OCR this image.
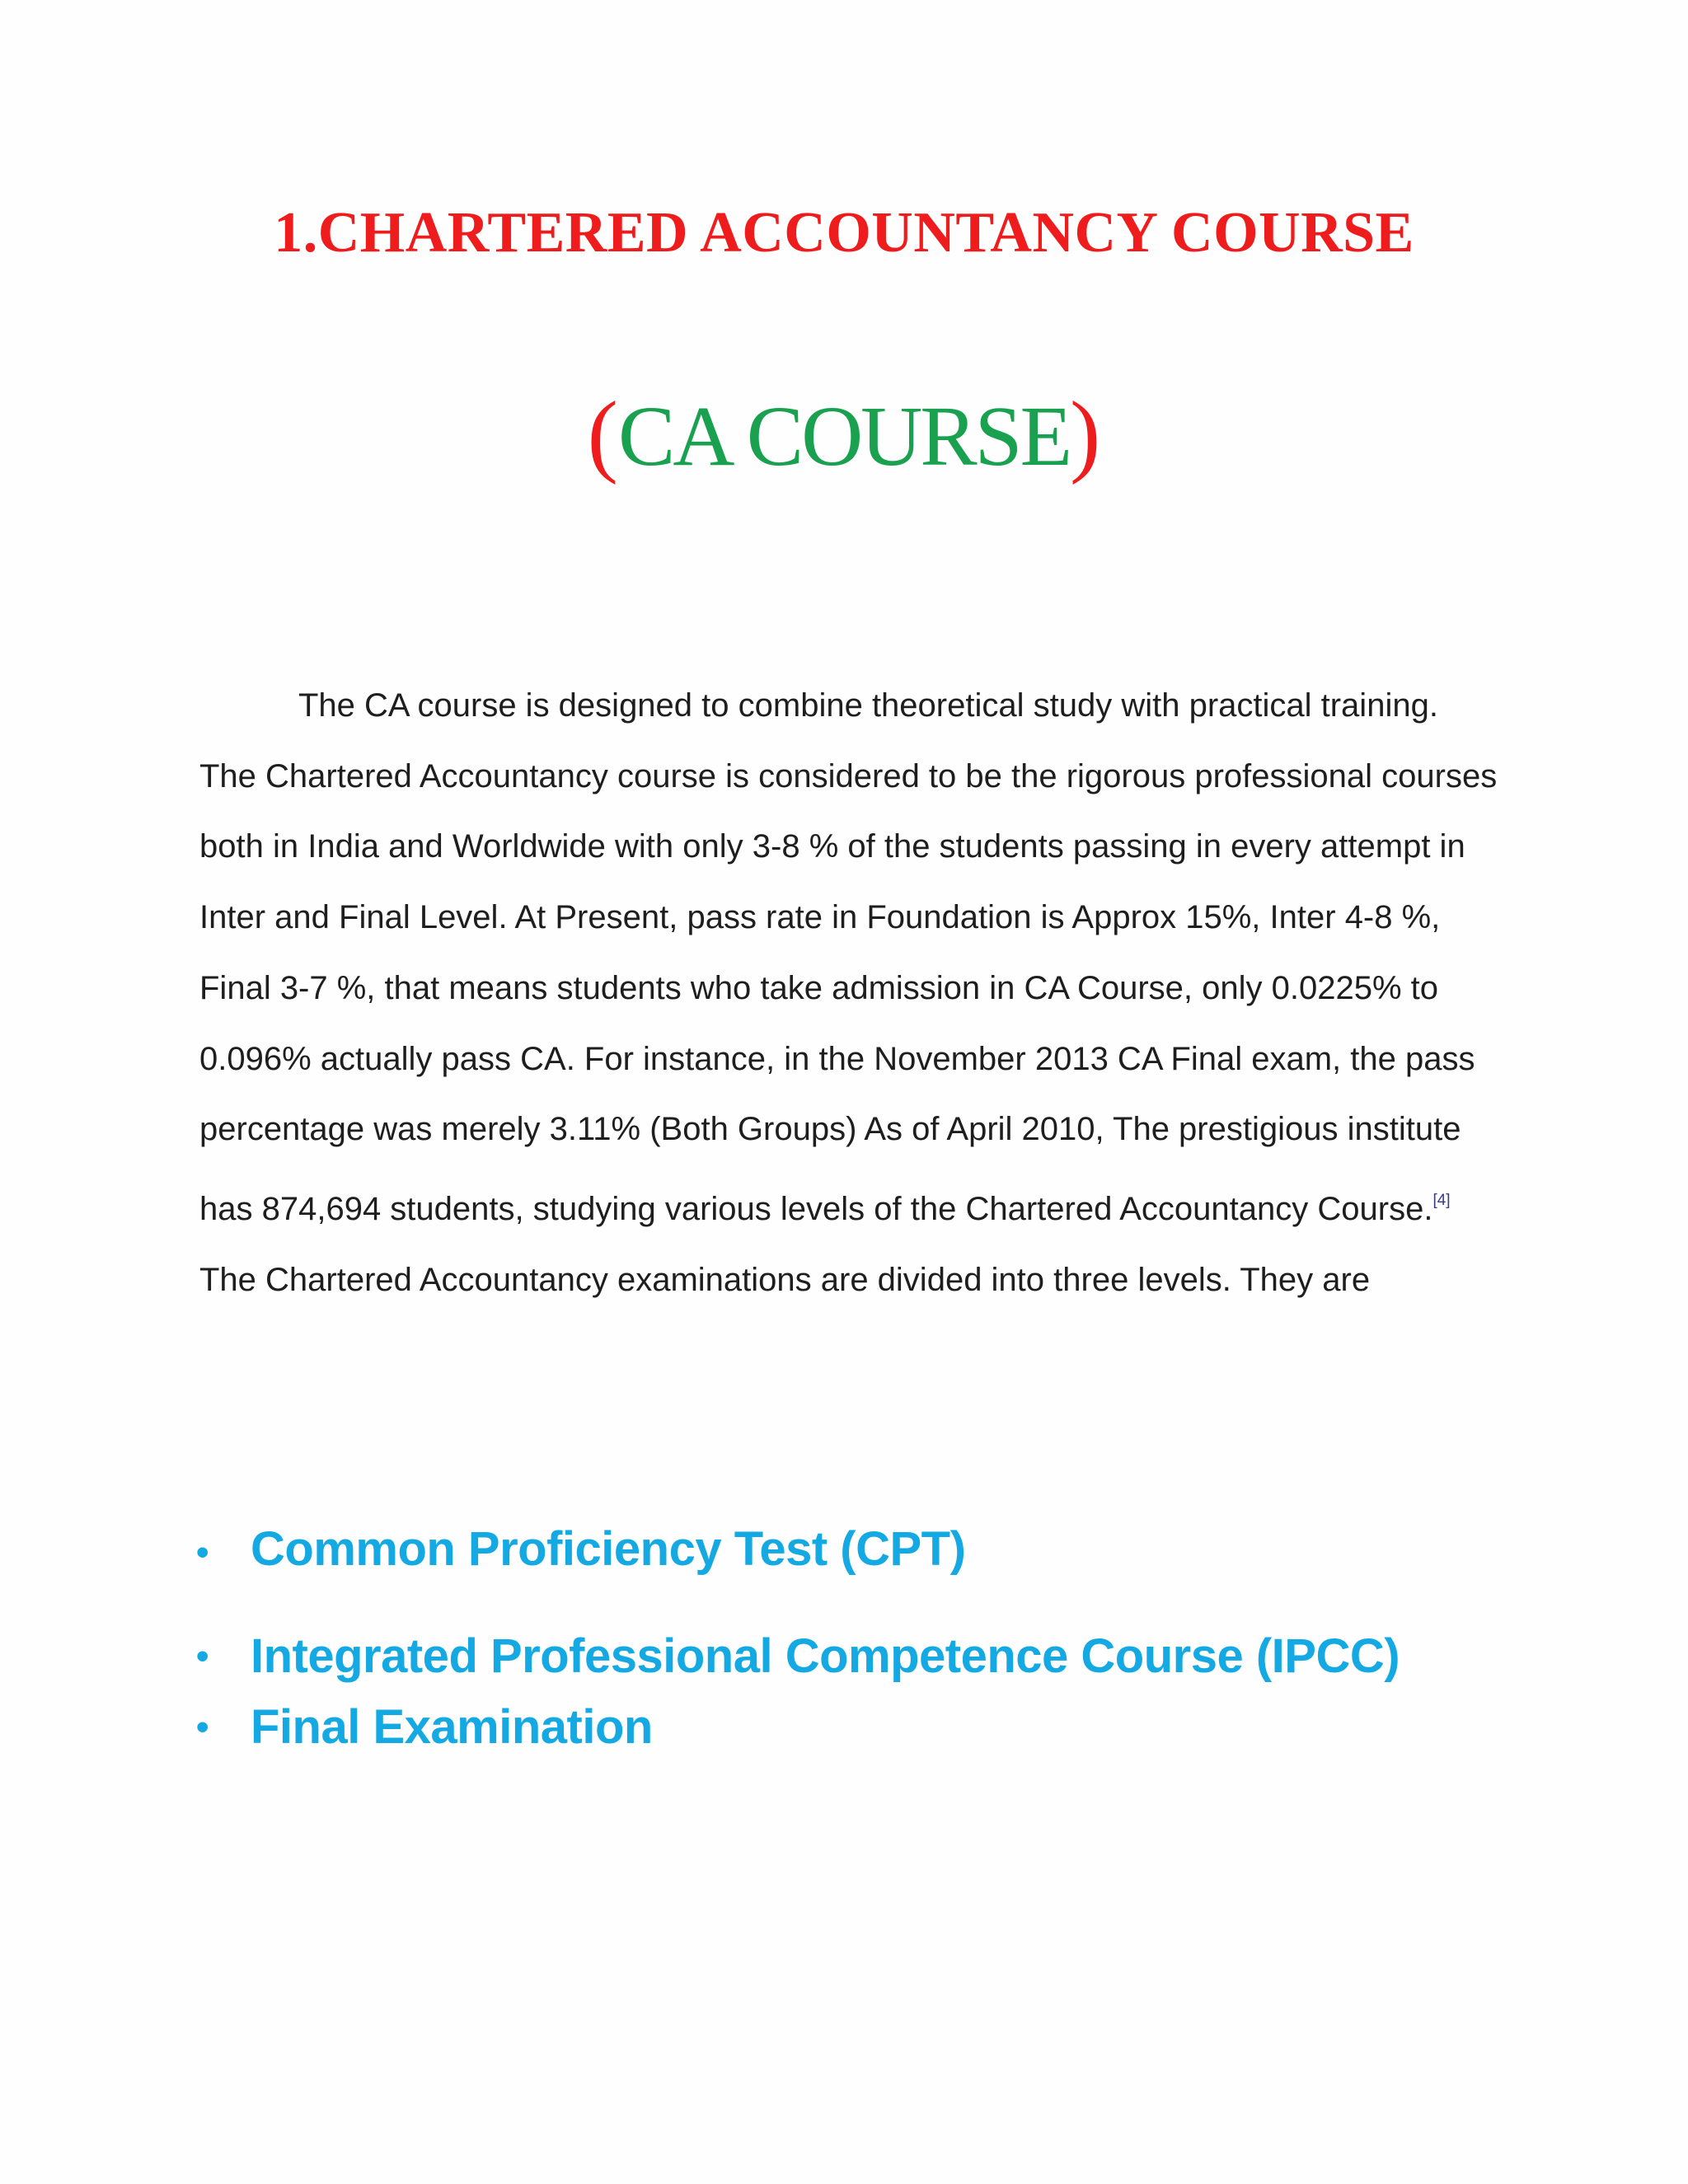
1.CHARTERED ACCOUNTANCY COURSE
(CA COURSE)

The CA course is designed to combine theoretical study with practical training. The Chartered Accountancy course is considered to be the rigorous professional courses both in India and Worldwide with only 3-8 % of the students passing in every attempt in Inter and Final Level. At Present, pass rate in Foundation is Approx 15%, Inter 4-8 %, Final 3-7 %, that means students who take admission in CA Course, only 0.0225% to 0.096% actually pass CA. For instance, in the November 2013 CA Final exam, the pass percentage was merely 3.11% (Both Groups) As of April 2010, The prestigious institute has 874,694 students, studying various levels of the Chartered Accountancy Course.[4] The Chartered Accountancy examinations are divided into three levels. They are

• Common Proficiency Test (CPT)
• Integrated Professional Competence Course (IPCC)
• Final Examination
